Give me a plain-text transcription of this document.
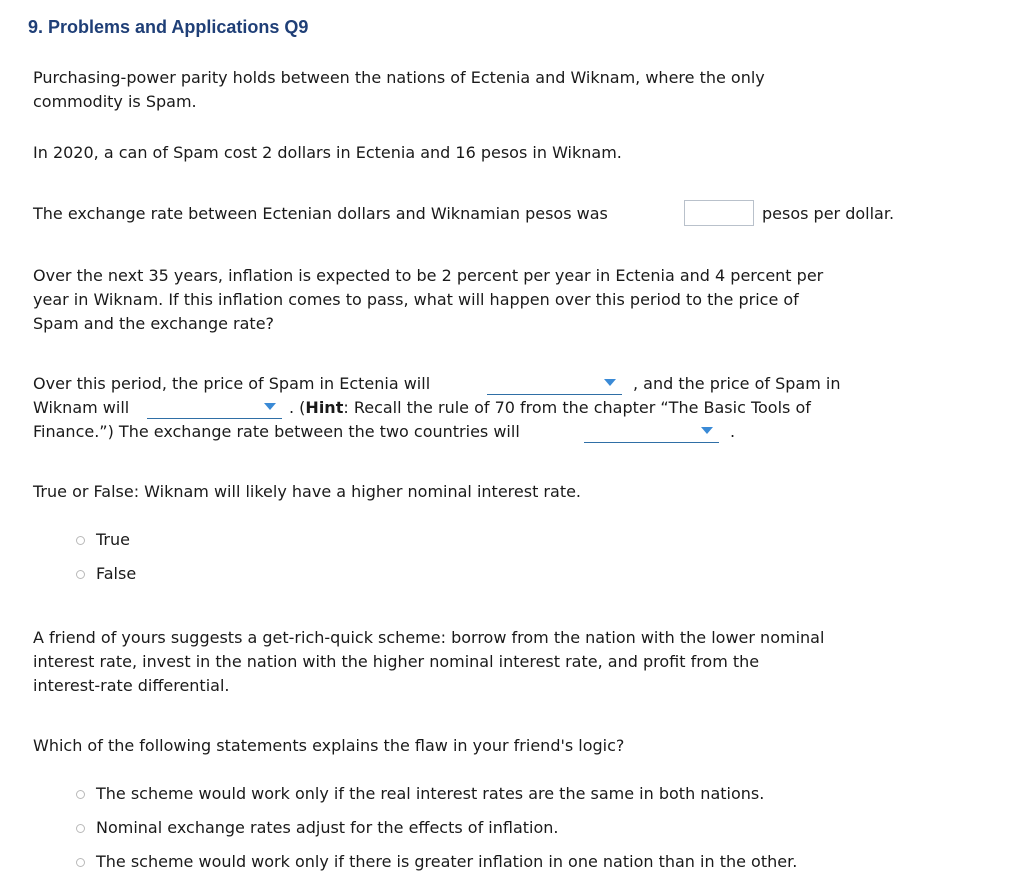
9. Problems and Applications Q9
Purchasing-power parity holds between the nations of Ectenia and Wiknam, where the only
commodity is Spam.
In 2020, a can of Spam cost 2 dollars in Ectenia and 16 pesos in Wiknam.
The exchange rate between Ectenian dollars and Wiknamian pesos was	pesos per dollar.
Over the next 35 years, inflation is expected to be 2 percent per year in Ectenia and 4 percent per
year in Wiknam. If this inflation comes to pass, what will happen over this period to the price of
Spam and the exchange rate?
Over this period, the price of Spam in Ectenia will	, and the price of Spam in
Wiknam will	. (Hint: Recall the rule of 70 from the chapter “The Basic Tools of
Finance.”) The exchange rate between the two countries will	.
True or False: Wiknam will likely have a higher nominal interest rate.
True
False
A friend of yours suggests a get-rich-quick scheme: borrow from the nation with the lower nominal
interest rate, invest in the nation with the higher nominal interest rate, and profit from the
interest-rate differential.
Which of the following statements explains the flaw in your friend's logic?
The scheme would work only if the real interest rates are the same in both nations.
Nominal exchange rates adjust for the effects of inflation.
The scheme would work only if there is greater inflation in one nation than in the other.
